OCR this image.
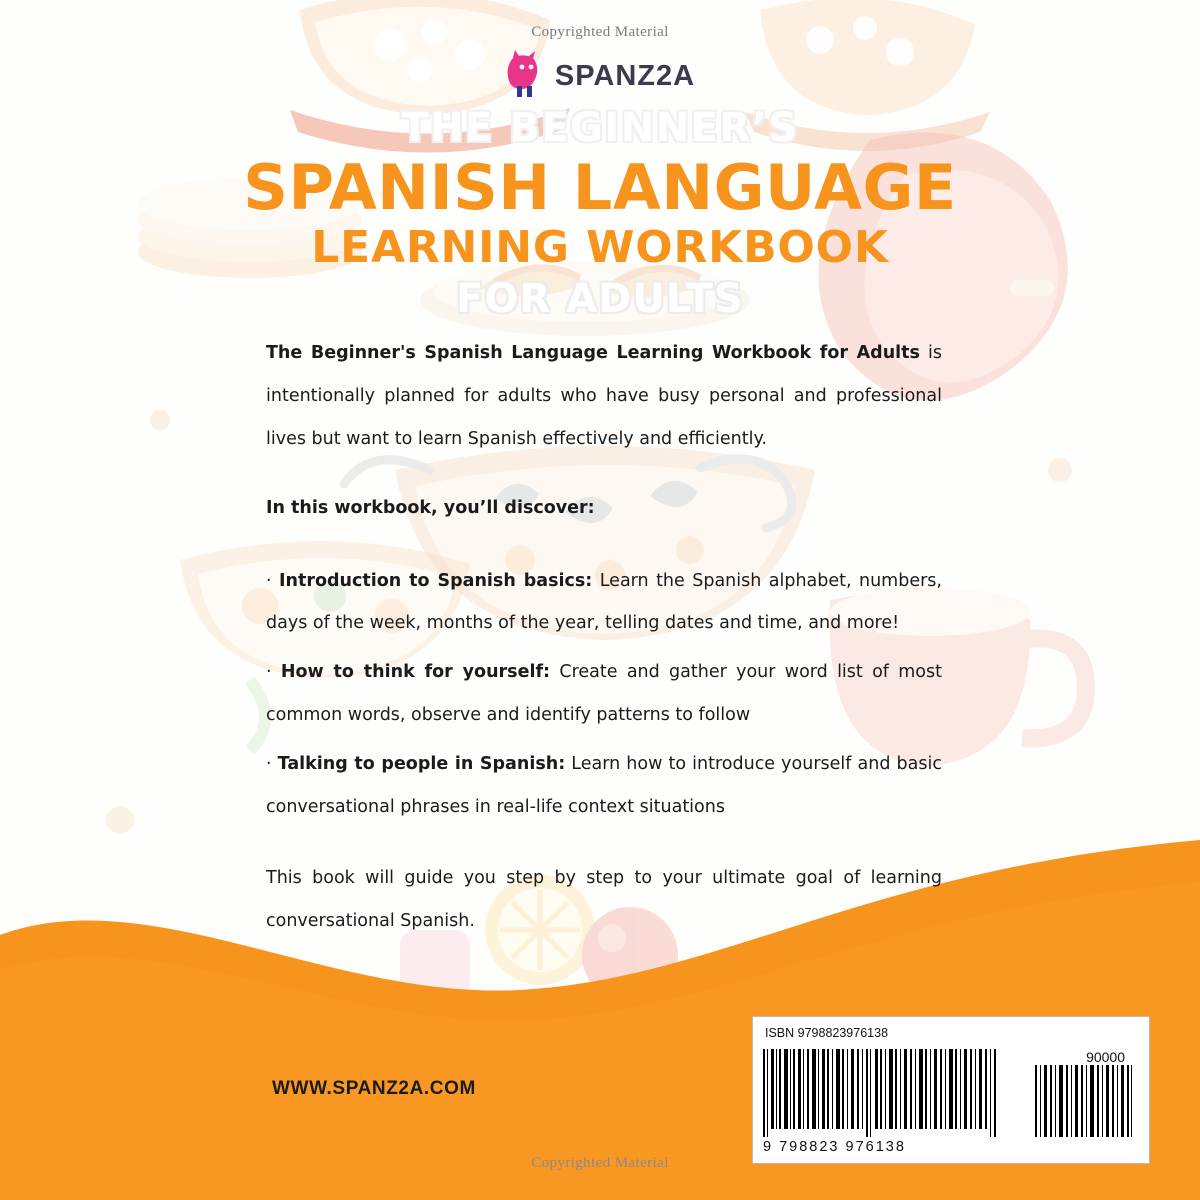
Copyrighted Material
Copyrighted Material
SPANZ2A
THE BEGINNER’S
SPANISH LANGUAGE
LEARNING WORKBOOK
FOR ADULTS

The Beginner's Spanish Language Learning Workbook for Adults is intentionally planned for adults who have busy personal and professional lives but want to learn Spanish effectively and efficiently.

In this workbook, you’ll discover:

· Introduction to Spanish basics: Learn the Spanish alphabet, numbers, days of the week, months of the year, telling dates and time, and more!

· How to think for yourself: Create and gather your word list of most common words, observe and identify patterns to follow

· Talking to people in Spanish: Learn how to introduce yourself and basic conversational phrases in real-life context situations

This book will guide you step by step to your ultimate goal of learning conversational Spanish.

WWW.SPANZ2A.COM
ISBN 9798823976138
90000
9 798823 976138
